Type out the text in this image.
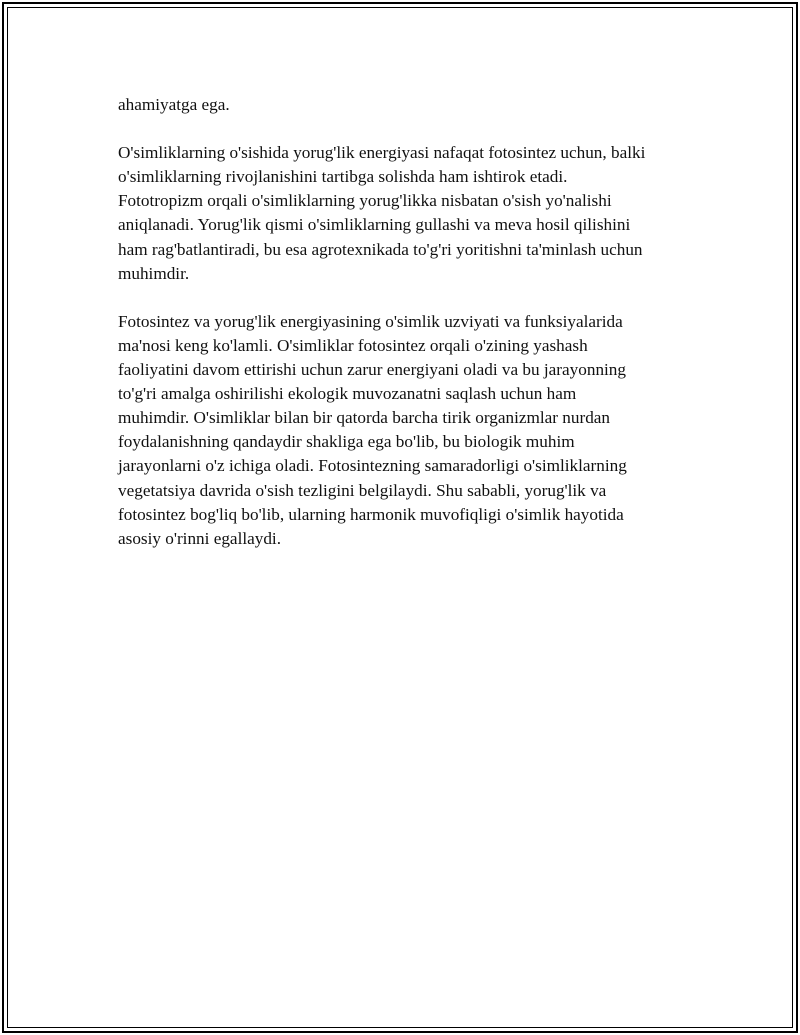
ahamiyatga ega.

O'simliklarning o'sishida yorug'lik energiyasi nafaqat fotosintez uchun, balki
o'simliklarning rivojlanishini tartibga solishda ham ishtirok etadi.
Fototropizm orqali o'simliklarning yorug'likka nisbatan o'sish yo'nalishi
aniqlanadi. Yorug'lik qismi o'simliklarning gullashi va meva hosil qilishini
ham rag'batlantiradi, bu esa agrotexnikada to'g'ri yoritishni ta'minlash uchun
muhimdir.

Fotosintez va yorug'lik energiyasining o'simlik uzviyati va funksiyalarida
ma'nosi keng ko'lamli. O'simliklar fotosintez orqali o'zining yashash
faoliyatini davom ettirishi uchun zarur energiyani oladi va bu jarayonning
to'g'ri amalga oshirilishi ekologik muvozanatni saqlash uchun ham
muhimdir. O'simliklar bilan bir qatorda barcha tirik organizmlar nurdan
foydalanishning qandaydir shakliga ega bo'lib, bu biologik muhim
jarayonlarni o'z ichiga oladi. Fotosintezning samaradorligi o'simliklarning
vegetatsiya davrida o'sish tezligini belgilaydi. Shu sababli, yorug'lik va
fotosintez bog'liq bo'lib, ularning harmonik muvofiqligi o'simlik hayotida
asosiy o'rinni egallaydi.
